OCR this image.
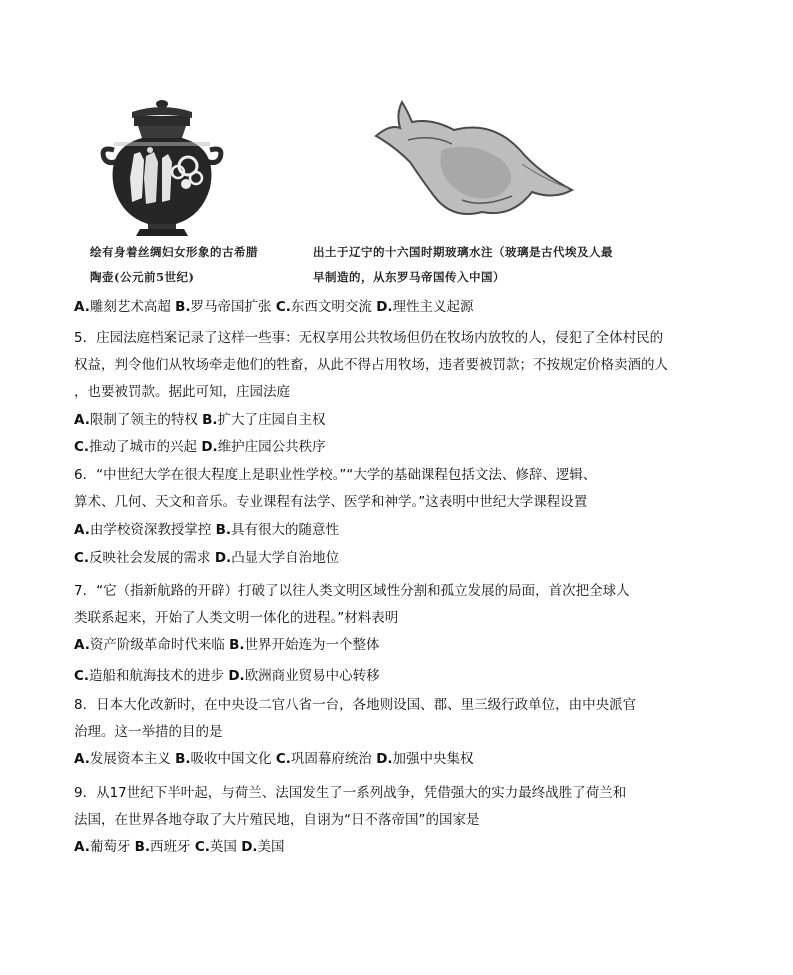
绘有身着丝绸妇女形象的古希腊
陶壶(公元前5世纪)
出土于辽宁的十六国时期玻璃水注（玻璃是古代埃及人最
早制造的，从东罗马帝国传入中国）
A.雕刻艺术高超 B.罗马帝国扩张 C.东西文明交流 D.理性主义起源
5．庄园法庭档案记录了这样一些事：无权享用公共牧场但仍在牧场内放牧的人，侵犯了全体村民的
权益，判令他们从牧场牵走他们的牲畜，从此不得占用牧场，违者要被罚款；不按规定价格卖酒的人
，也要被罚款。据此可知，庄园法庭
A.限制了领主的特权 B.扩大了庄园自主权
C.推动了城市的兴起 D.维护庄园公共秩序
6．“中世纪大学在很大程度上是职业性学校。”“大学的基础课程包括文法、修辞、逻辑、
算术、几何、天文和音乐。专业课程有法学、医学和神学。”这表明中世纪大学课程设置
A.由学校资深教授掌控 B.具有很大的随意性
C.反映社会发展的需求 D.凸显大学自治地位
7．“它（指新航路的开辟）打破了以往人类文明区域性分割和孤立发展的局面，首次把全球人
类联系起来，开始了人类文明一体化的进程。”材料表明
A.资产阶级革命时代来临 B.世界开始连为一个整体
C.造船和航海技术的进步 D.欧洲商业贸易中心转移
8．日本大化改新时，在中央设二官八省一台，各地则设国、郡、里三级行政单位，由中央派官
治理。这一举措的目的是
A.发展资本主义 B.吸收中国文化 C.巩固幕府统治 D.加强中央集权
9．从17世纪下半叶起，与荷兰、法国发生了一系列战争，凭借强大的实力最终战胜了荷兰和
法国，在世界各地夺取了大片殖民地，自诩为“日不落帝国”的国家是
A.葡萄牙 B.西班牙 C.英国 D.美国
